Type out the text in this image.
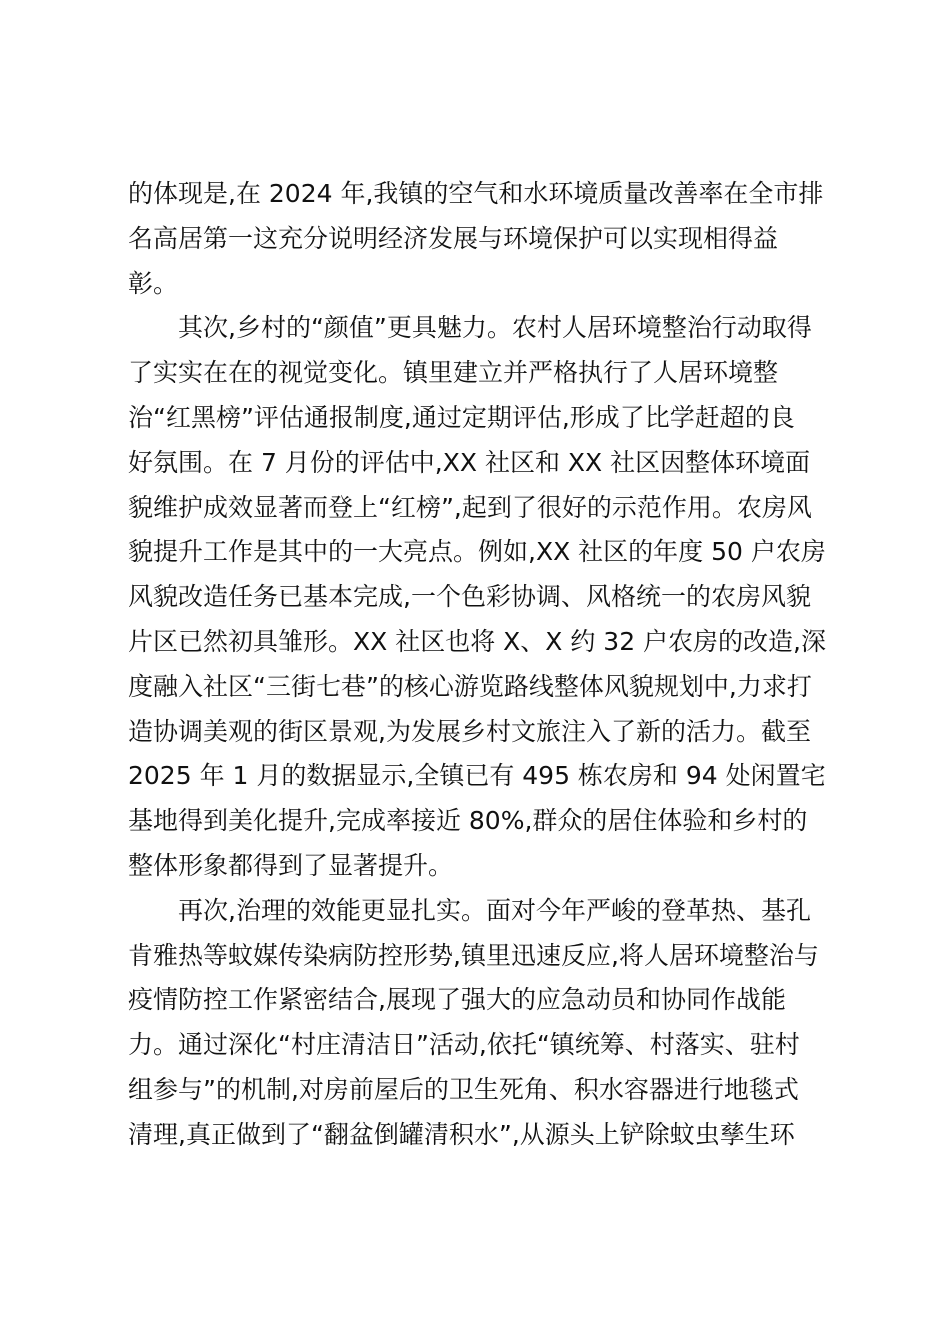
的体现是,在 2024 年,我镇的空气和水环境质量改善率在全市排

名高居第一这充分说明经济发展与环境保护可以实现相得益

彰。

其次,乡村的“颜值”更具魅力。农村人居环境整治行动取得

了实实在在的视觉变化。镇里建立并严格执行了人居环境整

治“红黑榜”评估通报制度,通过定期评估,形成了比学赶超的良

好氛围。在 7 月份的评估中,XX 社区和 XX 社区因整体环境面

貌维护成效显著而登上“红榜”,起到了很好的示范作用。农房风

貌提升工作是其中的一大亮点。例如,XX 社区的年度 50 户农房

风貌改造任务已基本完成,一个色彩协调、风格统一的农房风貌

片区已然初具雏形。XX 社区也将 X、X 约 32 户农房的改造,深

度融入社区“三街七巷”的核心游览路线整体风貌规划中,力求打

造协调美观的街区景观,为发展乡村文旅注入了新的活力。截至

2025 年 1 月的数据显示,全镇已有 495 栋农房和 94 处闲置宅

基地得到美化提升,完成率接近 80%,群众的居住体验和乡村的

整体形象都得到了显著提升。

再次,治理的效能更显扎实。面对今年严峻的登革热、基孔

肯雅热等蚊媒传染病防控形势,镇里迅速反应,将人居环境整治与

疫情防控工作紧密结合,展现了强大的应急动员和协同作战能

力。通过深化“村庄清洁日”活动,依托“镇统筹、村落实、驻村

组参与”的机制,对房前屋后的卫生死角、积水容器进行地毯式

清理,真正做到了“翻盆倒罐清积水”,从源头上铲除蚊虫孳生环
